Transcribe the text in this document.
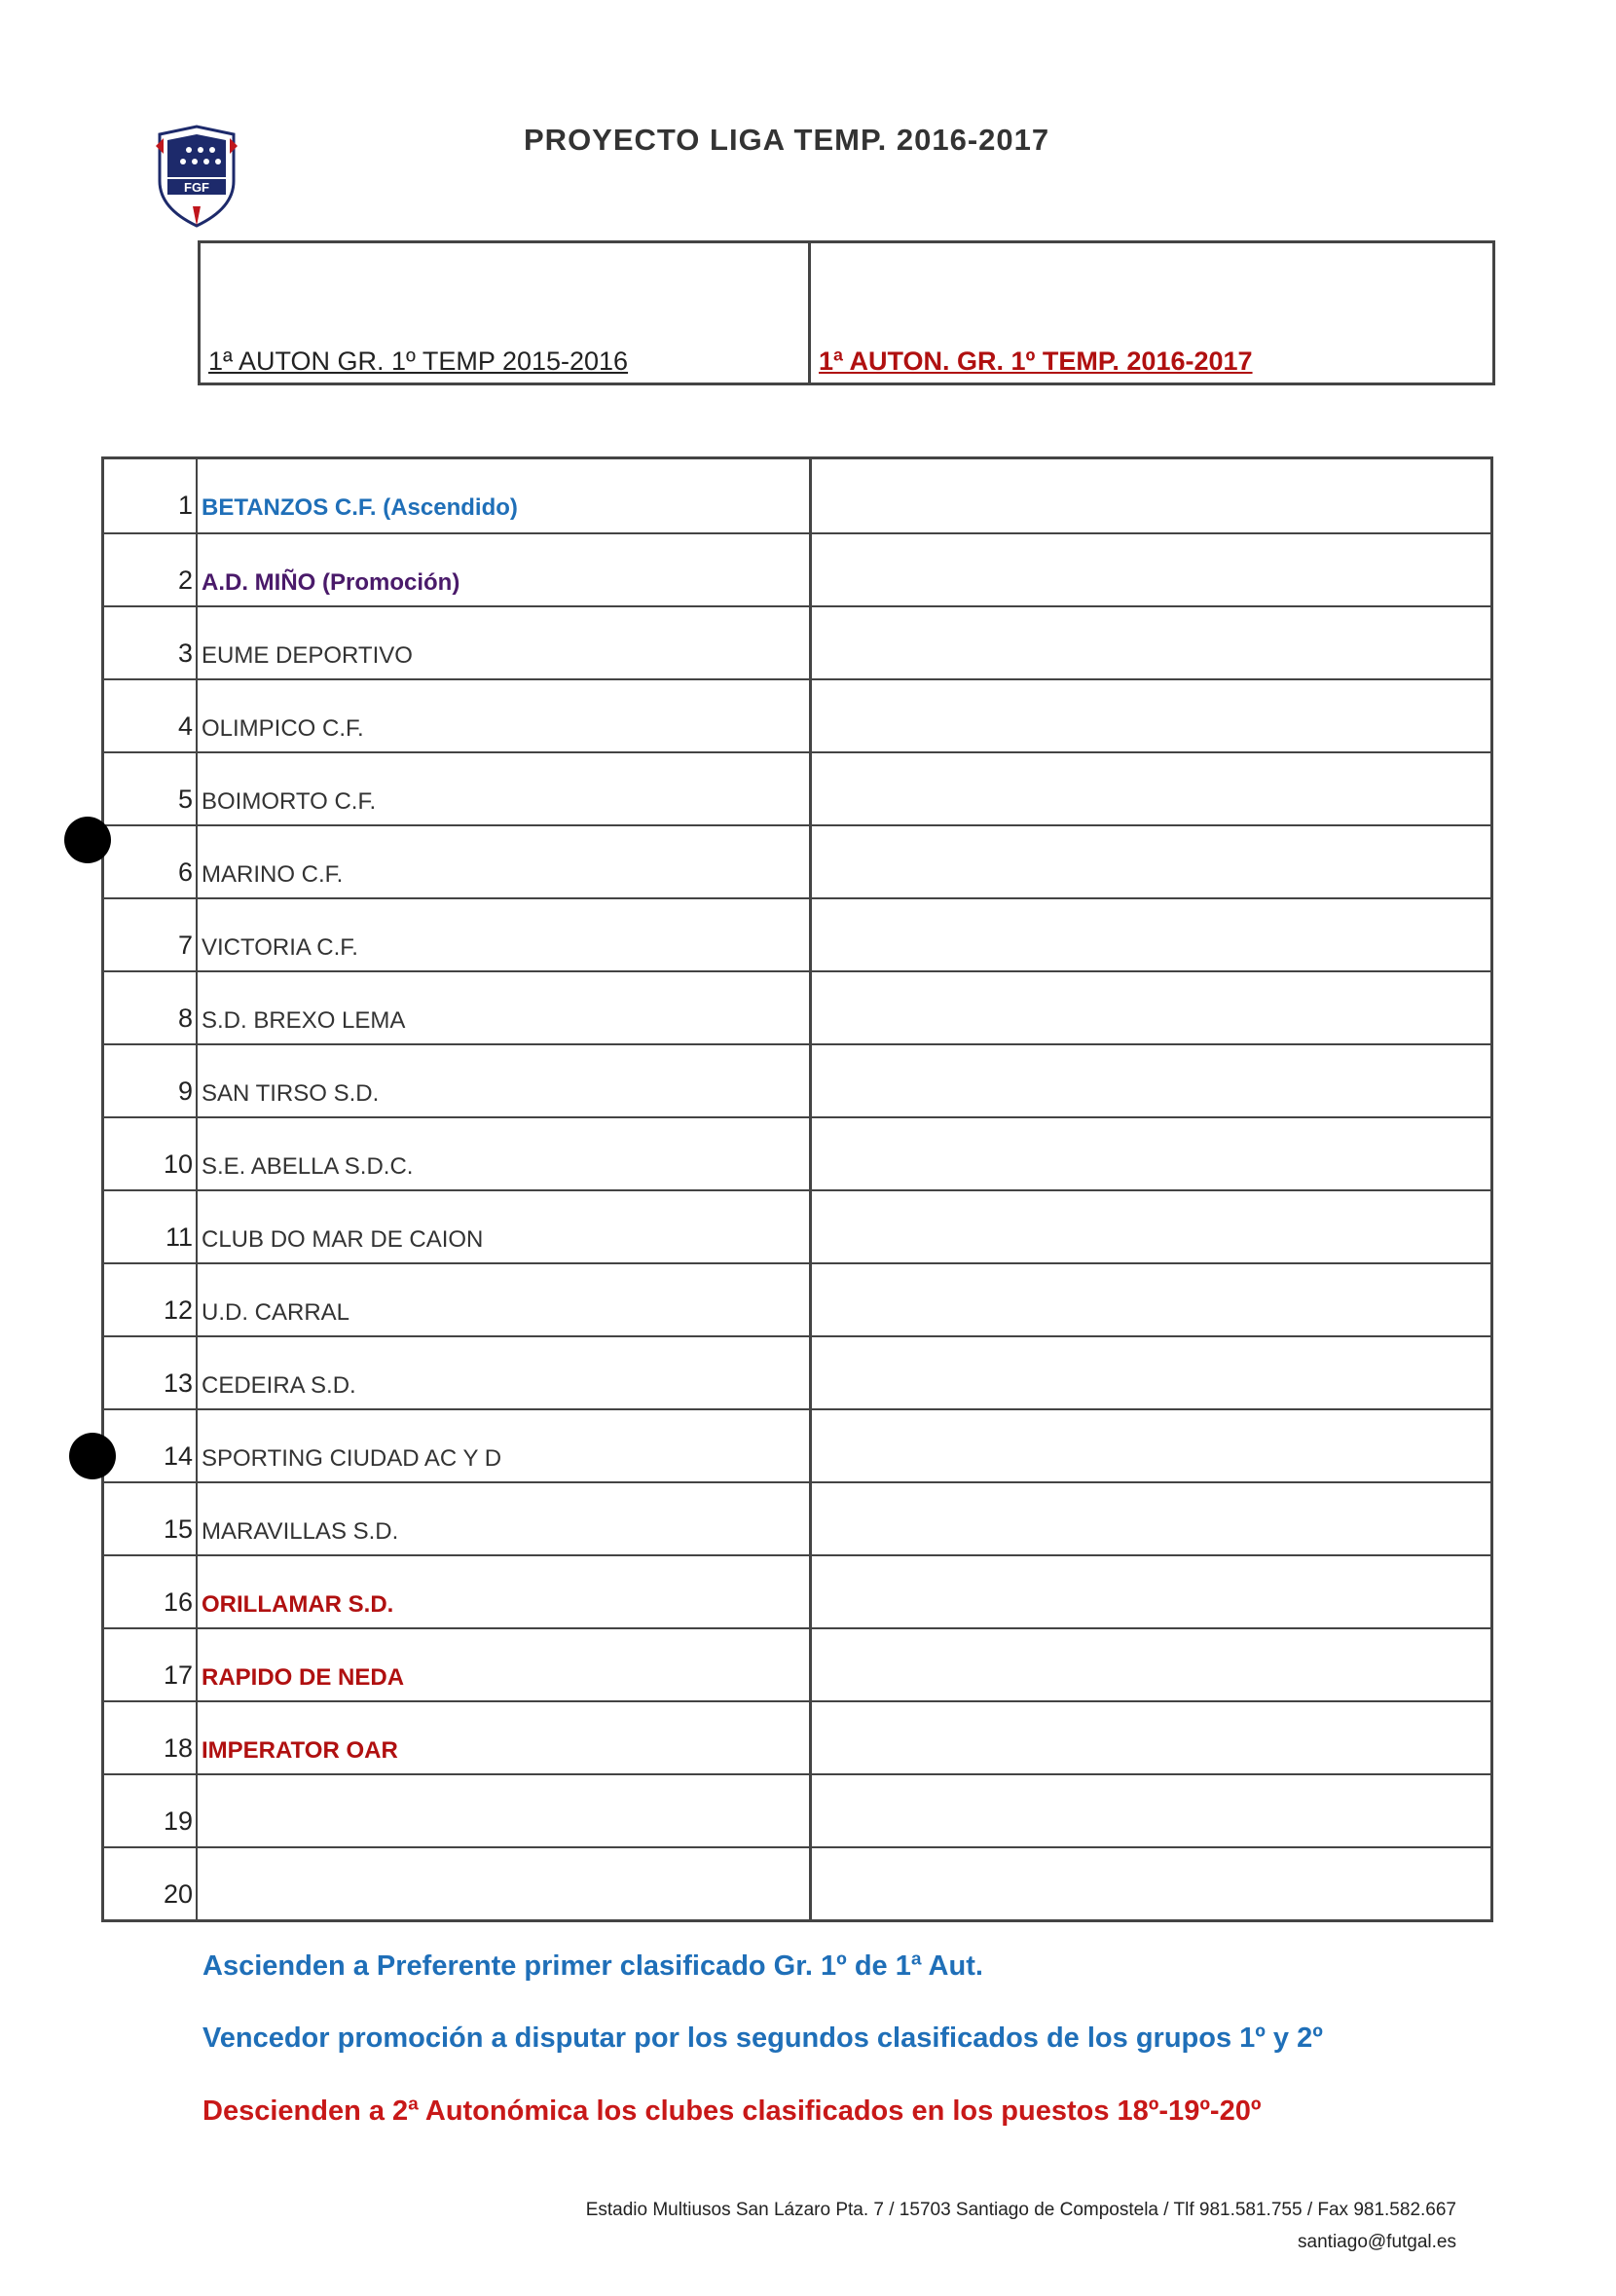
FGF
PROYECTO LIGA TEMP. 2016-2017
1ª AUTON GR. 1º TEMP 2015-2016	1ª AUTON. GR. 1º TEMP. 2016-2017
1 BETANZOS C.F. (Ascendido)
2 A.D. MIÑO (Promoción)
3 EUME DEPORTIVO
4 OLIMPICO C.F.
5 BOIMORTO C.F.
6 MARINO C.F.
7 VICTORIA C.F.
8 S.D. BREXO LEMA
9 SAN TIRSO S.D.
10 S.E. ABELLA S.D.C.
11 CLUB DO MAR DE CAION
12 U.D. CARRAL
13 CEDEIRA S.D.
14 SPORTING CIUDAD AC Y D
15 MARAVILLAS S.D.
16 ORILLAMAR S.D.
17 RAPIDO DE NEDA
18 IMPERATOR OAR
19
20
Ascienden a Preferente primer clasificado Gr. 1º de 1ª Aut.
Vencedor promoción a disputar por los segundos clasificados de los grupos 1º y 2º
Descienden a 2ª Autonómica los clubes clasificados en los puestos 18º-19º-20º
Estadio Multiusos San Lázaro Pta. 7 / 15703 Santiago de Compostela / Tlf 981.581.755 / Fax 981.582.667
santiago@futgal.es
